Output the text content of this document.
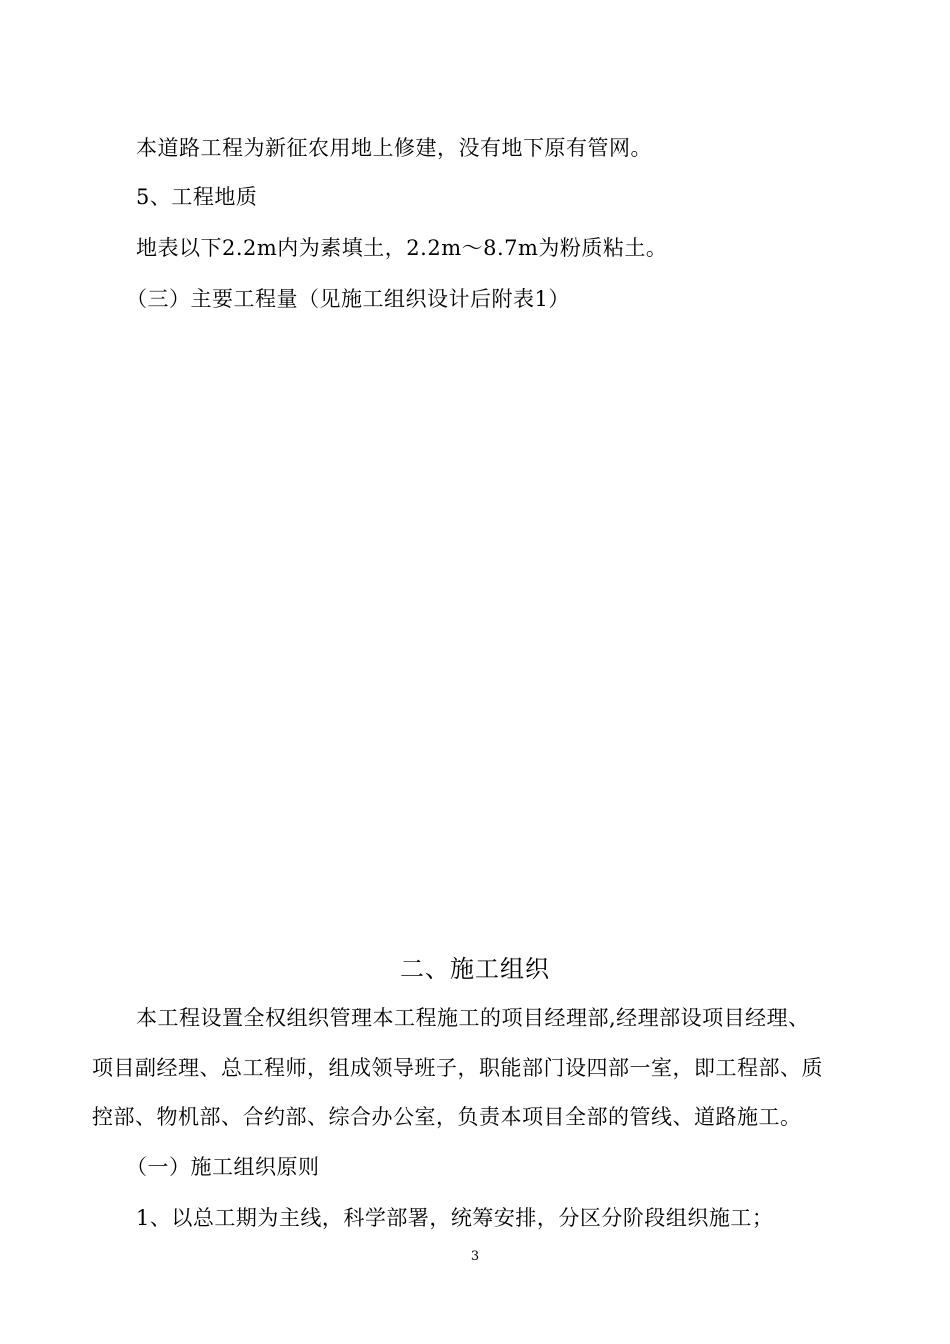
本道路工程为新征农用地上修建，没有地下原有管网。
5、工程地质
地表以下2.2m内为素填土，2.2m～8.7m为粉质粘土。
（三）主要工程量（见施工组织设计后附表1）
二、施工组织
本工程设置全权组织管理本工程施工的项目经理部,经理部设项目经理、
项目副经理、总工程师，组成领导班子，职能部门设四部一室，即工程部、质
控部、物机部、合约部、综合办公室，负责本项目全部的管线、道路施工。
（一）施工组织原则
1、以总工期为主线，科学部署，统筹安排，分区分阶段组织施工；
3
